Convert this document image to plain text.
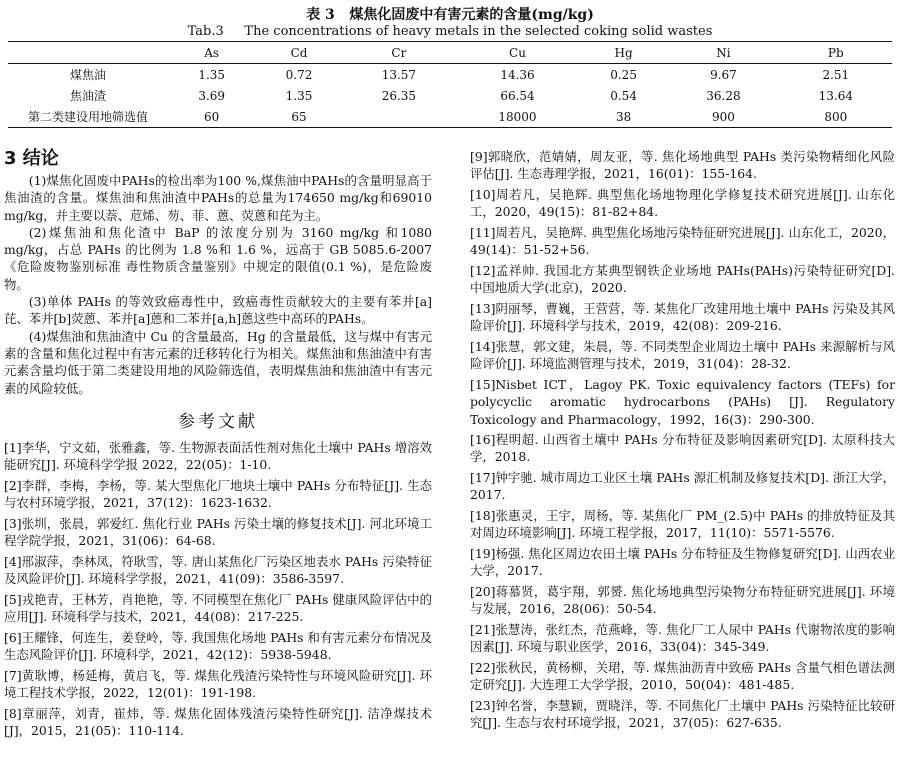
表 3 煤焦化固废中有害元素的含量(mg/kg)
Tab.3 The concentrations of heavy metals in the selected coking solid wastes
	As	Cd	Cr	Cu	Hg	Ni	Pb
煤焦油	1.35	0.72	13.57	14.36	0.25	9.67	2.51
焦油渣	3.69	1.35	26.35	66.54	0.54	36.28	13.64
第二类建设用地筛选值	60	65		18000	38	900	800
3 结论

(1)煤焦化固废中PAHs的检出率为100 %,煤焦油中PAHs的含量明显高于焦油渣的含量。煤焦油和焦油渣中PAHs的总量为174650 mg/kg和69010 mg/kg，并主要以萘、苊烯、芴、菲、蒽、荧蒽和芘为主。

(2)煤焦油和焦化渣中 BaP 的浓度分别为 3160 mg/kg 和1080 mg/kg，占总 PAHs 的比例为 1.8 %和 1.6 %，远高于 GB 5085.6-2007《危险废物鉴别标准 毒性物质含量鉴别》中规定的限值(0.1 %)，是危险废物。

(3)单体 PAHs 的等效致癌毒性中，致癌毒性贡献较大的主要有苯并[a]芘、苯并[b]荧蒽、苯并[a]蒽和二苯并[a,h]蒽这些中高环的PAHs。

(4)煤焦油和焦油渣中 Cu 的含量最高，Hg 的含量最低，这与煤中有害元素的含量和焦化过程中有害元素的迁移转化行为相关。煤焦油和焦油渣中有害元素含量均低于第二类建设用地的风险筛选值，表明煤焦油和焦油渣中有害元素的风险较低。

参考文献

[1]李华，宁文茹，张雅鑫，等. 生物源表面活性剂对焦化土壤中 PAHs 增溶效能研究[J]. 环境科学学报 2022，22(05)：1-10.

[2]李群，李梅，李杨，等. 某大型焦化厂地块土壤中 PAHs 分布特征[J]. 生态与农村环境学报，2021，37(12)：1623-1632.

[3]张圳，张晨，郭爱红. 焦化行业 PAHs 污染土壤的修复技术[J]. 河北环境工程学院学报，2021，31(06)：64-68.

[4]邢淑萍，李林凤，符耿雪，等. 唐山某焦化厂污染区地表水 PAHs 污染特征及风险评价[J]. 环境科学学报，2021，41(09)：3586-3597.

[5]戎艳青，王林芳，肖艳艳，等. 不同模型在焦化厂 PAHs 健康风险评估中的应用[J]. 环境科学与技术，2021，44(08)：217-225.

[6]王耀锋，何连生，姜登岭，等. 我国焦化场地 PAHs 和有害元素分布情况及生态风险评价[J]. 环境科学，2021，42(12)：5938-5948.

[7]黄耿博，杨延梅，黄启飞，等. 煤焦化残渣污染特性与环境风险研究[J]. 环境工程技术学报，2022，12(01)：191-198.

[8]章丽萍，刘青，崔炜，等. 煤焦化固体残渣污染特性研究[J]. 洁净煤技术[J]，2015，21(05)：110-114.

[9]郭晓欣，范婧婧，周友亚，等. 焦化场地典型 PAHs 类污染物精细化风险评估[J]. 生态毒理学报，2021，16(01)：155-164.

[10]周若凡，吴艳辉. 典型焦化场地物理化学修复技术研究进展[J]. 山东化工，2020，49(15)：81-82+84.

[11]周若凡，吴艳辉. 典型焦化场地污染特征研究进展[J]. 山东化工，2020，49(14)：51-52+56.

[12]孟祥帅. 我国北方某典型钢铁企业场地 PAHs(PAHs)污染特征研究[D]. 中国地质大学(北京)，2020.

[13]阴丽琴，曹巍，王营营，等. 某焦化厂改建用地土壤中 PAHs 污染及其风险评价[J]. 环境科学与技术，2019，42(08)：209-216.

[14]张慧，郭文建，朱晨，等. 不同类型企业周边土壤中 PAHs 来源解析与风险评价[J]. 环境监测管理与技术，2019，31(04)：28-32.

[15]Nisbet ICT，Lagoy PK. Toxic equivalency factors (TEFs) for polycyclic aromatic hydrocarbons (PAHs) [J]. Regulatory Toxicology and Pharmacology，1992，16(3)：290-300.

[16]程明超. 山西省土壤中 PAHs 分布特征及影响因素研究[D]. 太原科技大学，2018.

[17]钟宇驰. 城市周边工业区土壤 PAHs 源汇机制及修复技术[D]. 浙江大学，2017.

[18]张惠灵，王宇，周杨，等. 某焦化厂 PM_(2.5)中 PAHs 的排放特征及其对周边环境影响[J]. 环境工程学报，2017，11(10)：5571-5576.

[19]杨强. 焦化区周边农田土壤 PAHs 分布特征及生物修复研究[D]. 山西农业大学，2017.

[20]蒋慕贤，葛宇翔，郭赟. 焦化场地典型污染物分布特征研究进展[J]. 环境与发展，2016，28(06)：50-54.

[21]张慧涛，张红杰，范燕峰，等. 焦化厂工人尿中 PAHs 代谢物浓度的影响因素[J]. 环境与职业医学，2016，33(04)：345-349.

[22]张秋民，黄杨柳，关珺，等. 煤焦油沥青中致癌 PAHs 含量气相色谱法测定研究[J]. 大连理工大学学报，2010，50(04)：481-485.

[23]钟名誉，李慧颖，贾晓洋，等. 不同焦化厂土壤中 PAHs 污染特征比较研究[J]. 生态与农村环境学报，2021，37(05)：627-635.
